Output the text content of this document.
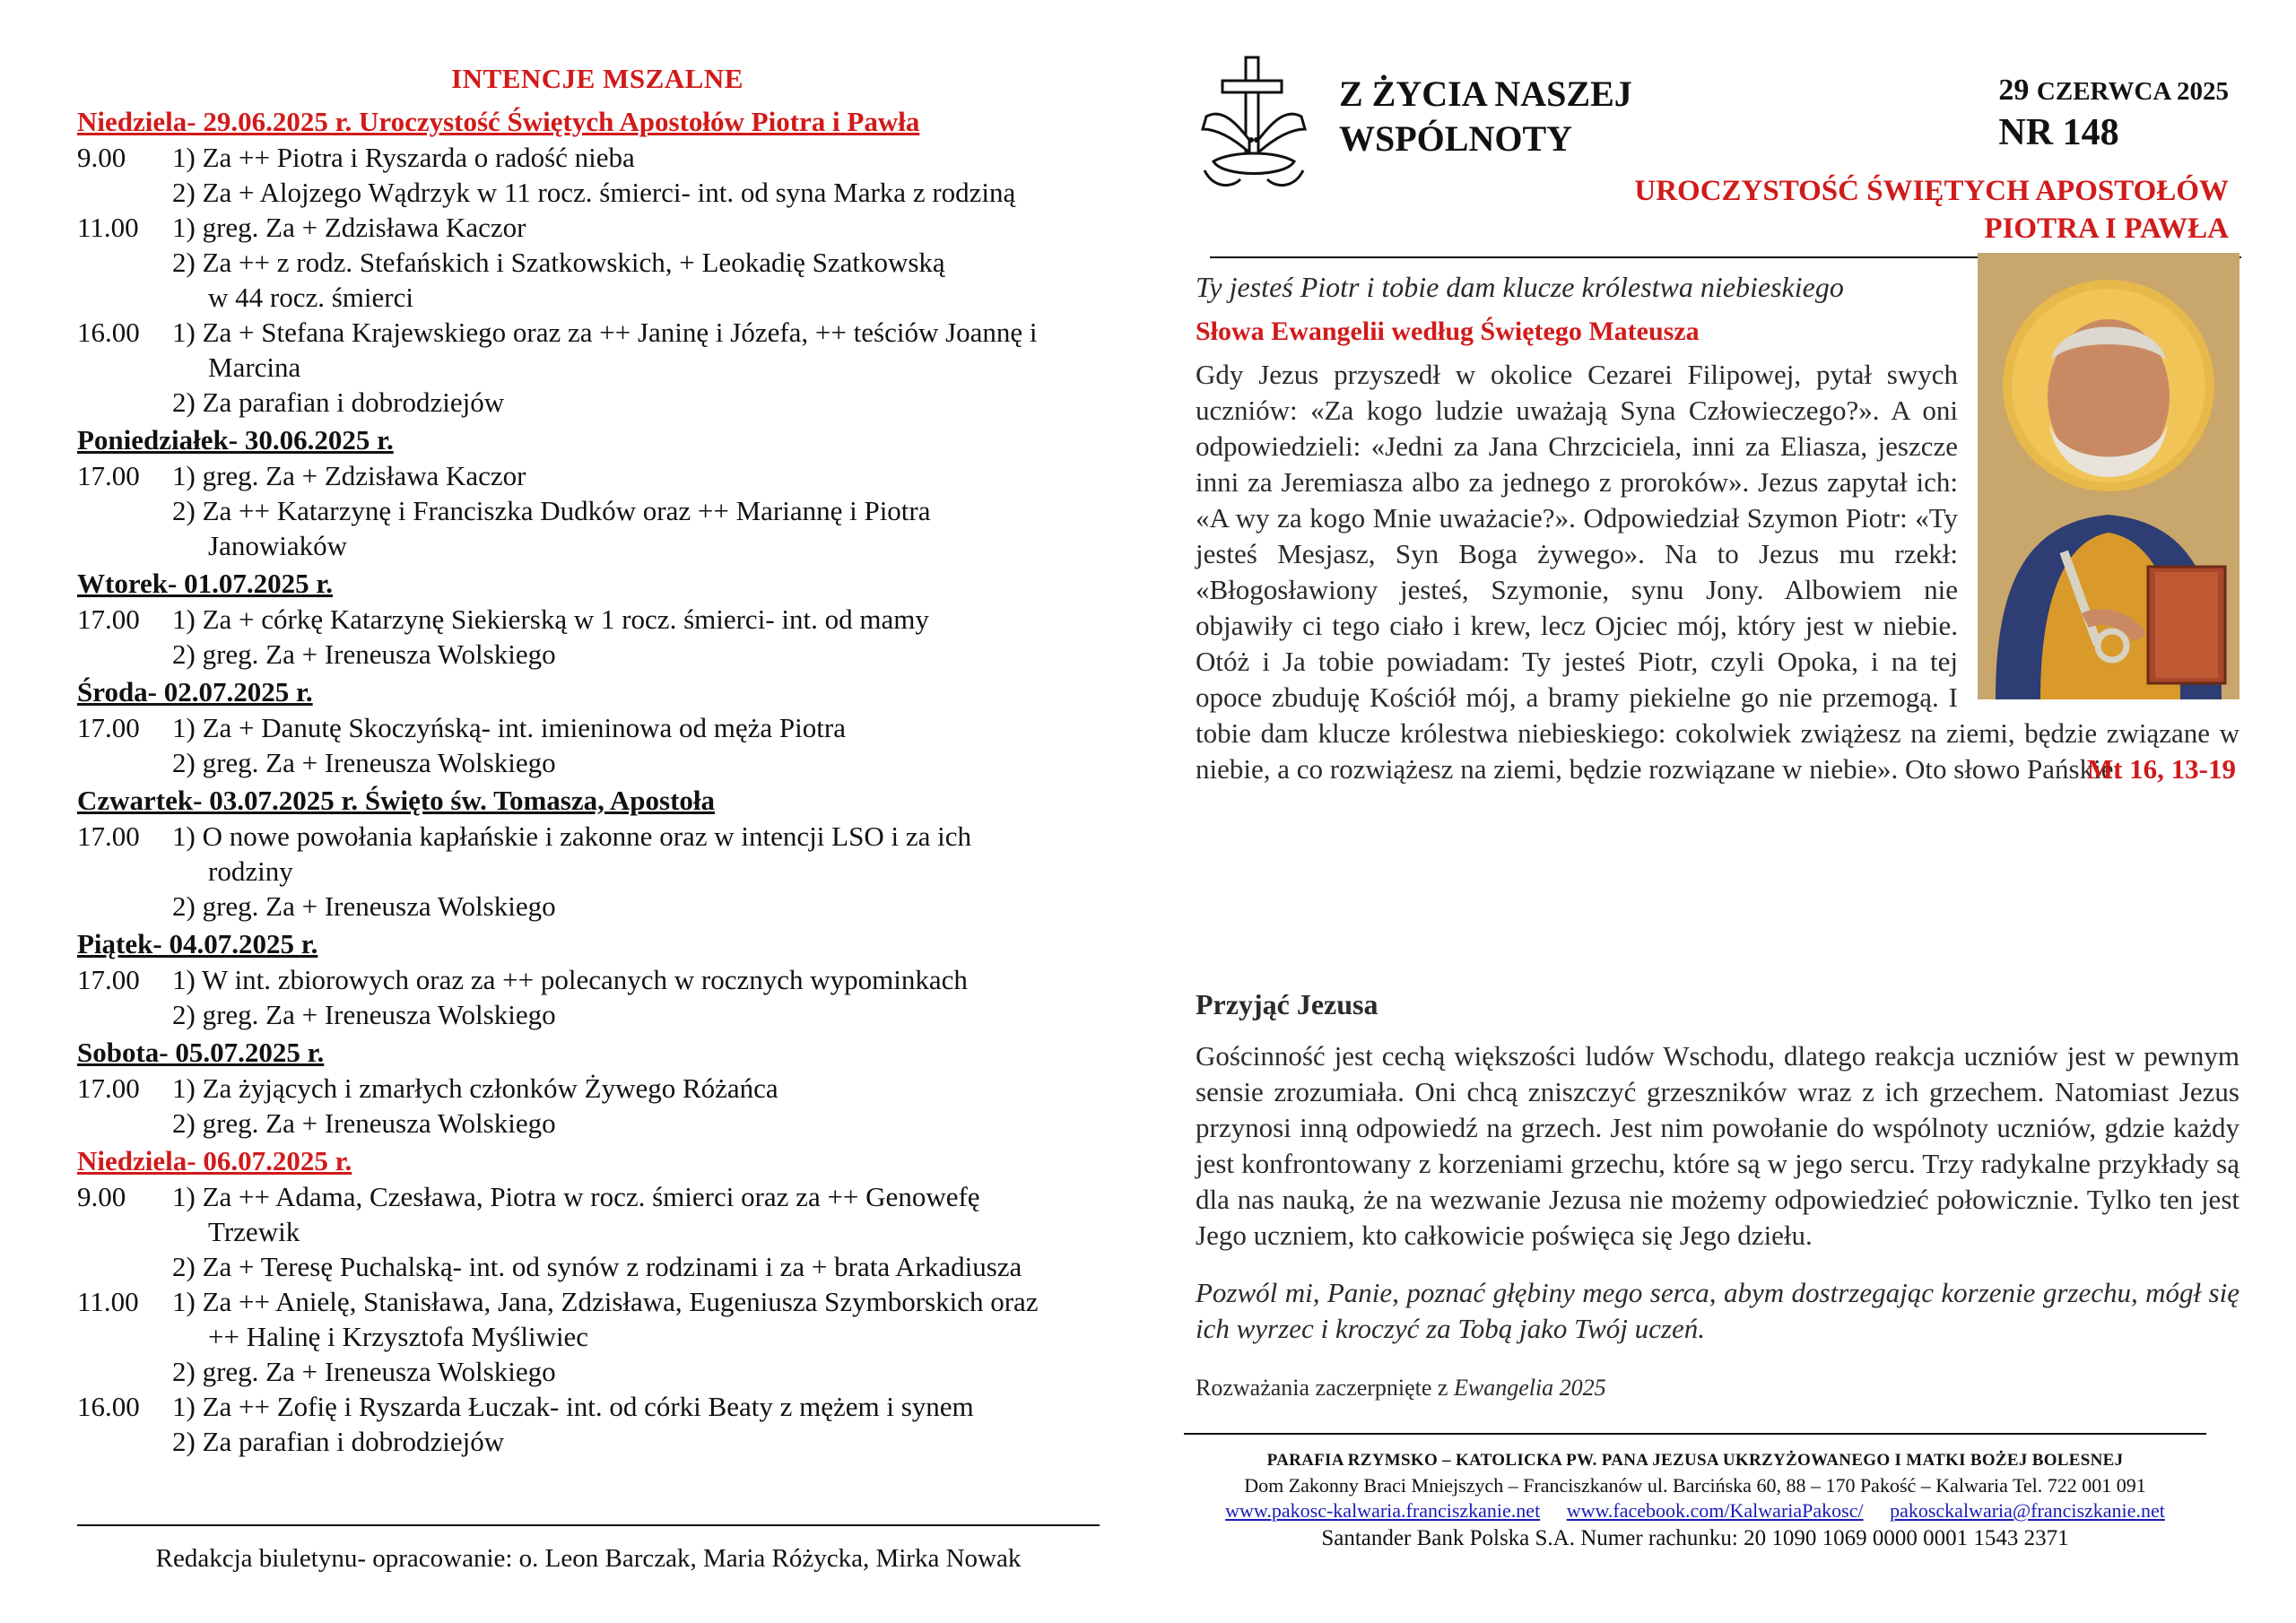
INTENCJE MSZALNE
Niedziela- 29.06.2025 r. Uroczystość Świętych Apostołów Piotra i Pawła
9.00	1) Za ++ Piotra i Ryszarda o radość nieba
2) Za + Alojzego Wądrzyk w 11 rocz. śmierci- int. od syna Marka z rodziną
11.00	1) greg. Za + Zdzisława Kaczor
2) Za ++ z rodz. Stefańskich i Szatkowskich, + Leokadię Szatkowską
w 44 rocz. śmierci
16.00	1) Za + Stefana Krajewskiego oraz za ++ Janinę i Józefa, ++ teściów Joannę i
Marcina
2) Za parafian i dobrodziejów
Poniedziałek- 30.06.2025 r.
17.00	1) greg. Za + Zdzisława Kaczor
2) Za ++ Katarzynę i Franciszka Dudków oraz ++ Mariannę i Piotra
Janowiaków
Wtorek- 01.07.2025 r.
17.00	1) Za + córkę Katarzynę Siekierską w 1 rocz. śmierci- int. od mamy
2) greg. Za + Ireneusza Wolskiego
Środa- 02.07.2025 r.
17.00	1) Za + Danutę Skoczyńską- int. imieninowa od męża Piotra
2) greg. Za + Ireneusza Wolskiego
Czwartek- 03.07.2025 r. Święto św. Tomasza, Apostoła
17.00	1) O nowe powołania kapłańskie i zakonne oraz w intencji LSO i za ich
rodziny
2) greg. Za + Ireneusza Wolskiego
Piątek- 04.07.2025 r.
17.00	1) W int. zbiorowych oraz za ++ polecanych w rocznych wypominkach
2) greg. Za + Ireneusza Wolskiego
Sobota- 05.07.2025 r.
17.00	1) Za żyjących i zmarłych członków Żywego Różańca
2) greg. Za + Ireneusza Wolskiego
Niedziela- 06.07.2025 r.
9.00	1) Za ++ Adama, Czesława, Piotra w rocz. śmierci oraz za ++ Genowefę
Trzewik
2) Za + Teresę Puchalską- int. od synów z rodzinami i za + brata Arkadiusza
11.00	1) Za ++ Anielę, Stanisława, Jana, Zdzisława, Eugeniusza Szymborskich oraz
++ Halinę i Krzysztofa Myśliwiec
2) greg. Za + Ireneusza Wolskiego
16.00	1) Za ++ Zofię i Ryszarda Łuczak- int. od córki Beaty z mężem i synem
2) Za parafian i dobrodziejów
Redakcja biuletynu- opracowanie: o. Leon Barczak, Maria Różycka, Mirka Nowak
Z ŻYCIA NASZEJ
WSPÓLNOTY
29 CZERWCA 2025
NR 148
UROCZYSTOŚĆ ŚWIĘTYCH APOSTOŁÓW
PIOTRA I PAWŁA
Ty jesteś Piotr i tobie dam klucze królestwa niebieskiego
Słowa Ewangelii według Świętego Mateusza
Gdy Jezus przyszedł w okolice Cezarei Filipowej, pytał swych uczniów: «Za kogo ludzie uważają Syna Człowieczego?». A oni odpowiedzieli: «Jedni za Jana Chrzciciela, inni za Eliasza, jeszcze inni za Jeremiasza albo za jednego z proroków». Jezus zapytał ich: «A wy za kogo Mnie uważacie?». Odpowiedział Szymon Piotr: «Ty jesteś Mesjasz, Syn Boga żywego». Na to Jezus mu rzekł: «Błogosławiony jesteś, Szymonie, synu Jony. Albowiem nie objawiły ci tego ciało i krew, lecz Ojciec mój, który jest w niebie. Otóż i Ja tobie powiadam: Ty jesteś Piotr, czyli Opoka, i na tej opoce zbuduję Kościół mój, a bramy piekielne go nie przemogą. I tobie dam klucze królestwa niebieskiego: cokolwiek zwiążesz na ziemi, będzie związane w niebie, a co rozwiążesz na ziemi, będzie rozwiązane w niebie». Oto słowo Pańskie.
Mt 16, 13-19
Przyjąć Jezusa
Gościnność jest cechą większości ludów Wschodu, dlatego reakcja uczniów jest w pewnym sensie zrozumiała. Oni chcą zniszczyć grzeszników wraz z ich grzechem. Natomiast Jezus przynosi inną odpowiedź na grzech. Jest nim powołanie do wspólnoty uczniów, gdzie każdy jest konfrontowany z korzeniami grzechu, które są w jego sercu. Trzy radykalne przykłady są dla nas nauką, że na wezwanie Jezusa nie możemy odpowiedzieć połowicznie. Tylko ten jest Jego uczniem, kto całkowicie poświęca się Jego dziełu.
Pozwól mi, Panie, poznać głębiny mego serca, abym dostrzegając korzenie grzechu, mógł się ich wyrzec i kroczyć za Tobą jako Twój uczeń.
Rozważania zaczerpnięte z Ewangelia 2025
PARAFIA RZYMSKO – KATOLICKA PW. PANA JEZUSA UKRZYŻOWANEGO I MATKI BOŻEJ BOLESNEJ
Dom Zakonny Braci Mniejszych – Franciszkanów ul. Barcińska 60, 88 – 170 Pakość – Kalwaria Tel. 722 001 091
www.pakosc-kalwaria.franciszkanie.net www.facebook.com/KalwariaPakosc/ pakosckalwaria@franciszkanie.net
Santander Bank Polska S.A. Numer rachunku: 20 1090 1069 0000 0001 1543 2371
